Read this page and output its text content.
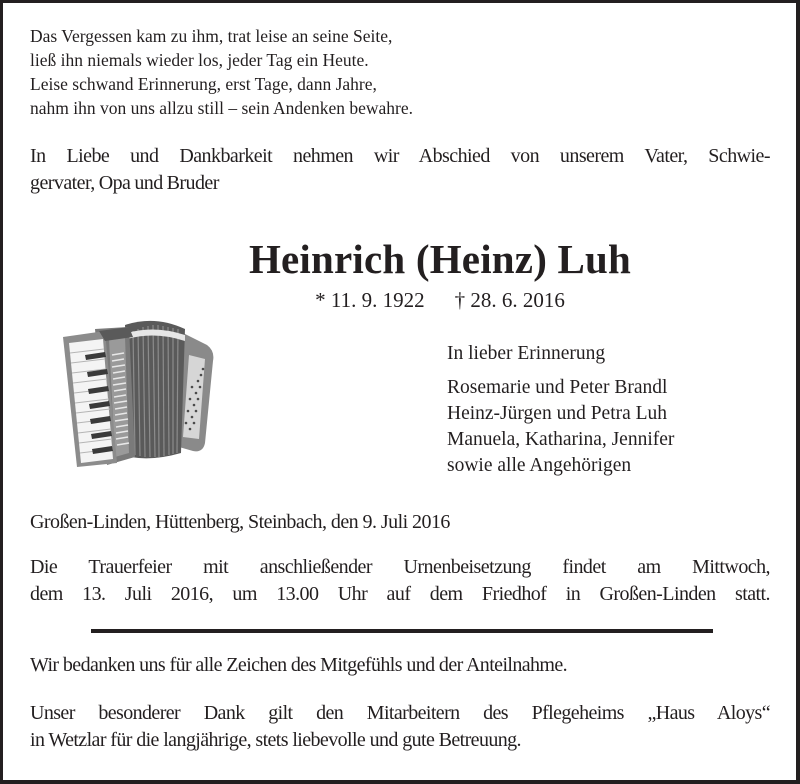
Das Vergessen kam zu ihm, trat leise an seine Seite,
ließ ihn niemals wieder los, jeder Tag ein Heute.
Leise schwand Erinnerung, erst Tage, dann Jahre,
nahm ihn von uns allzu still – sein Andenken bewahre.
In Liebe und Dankbarkeit nehmen wir Abschied von unserem Vater, Schwie-
gervater, Opa und Bruder
Heinrich (Heinz) Luh
* 11. 9. 1922 † 28. 6. 2016
In lieber Erinnerung
Rosemarie und Peter Brandl
Heinz-Jürgen und Petra Luh
Manuela, Katharina, Jennifer
sowie alle Angehörigen
Großen-Linden, Hüttenberg, Steinbach, den 9. Juli 2016
Die Trauerfeier mit anschließender Urnenbeisetzung findet am Mittwoch,
dem 13. Juli 2016, um 13.00 Uhr auf dem Friedhof in Großen-Linden statt.
Wir bedanken uns für alle Zeichen des Mitgefühls und der Anteilnahme.
Unser besonderer Dank gilt den Mitarbeitern des Pflegeheims „Haus Aloys“
in Wetzlar für die langjährige, stets liebevolle und gute Betreuung.
